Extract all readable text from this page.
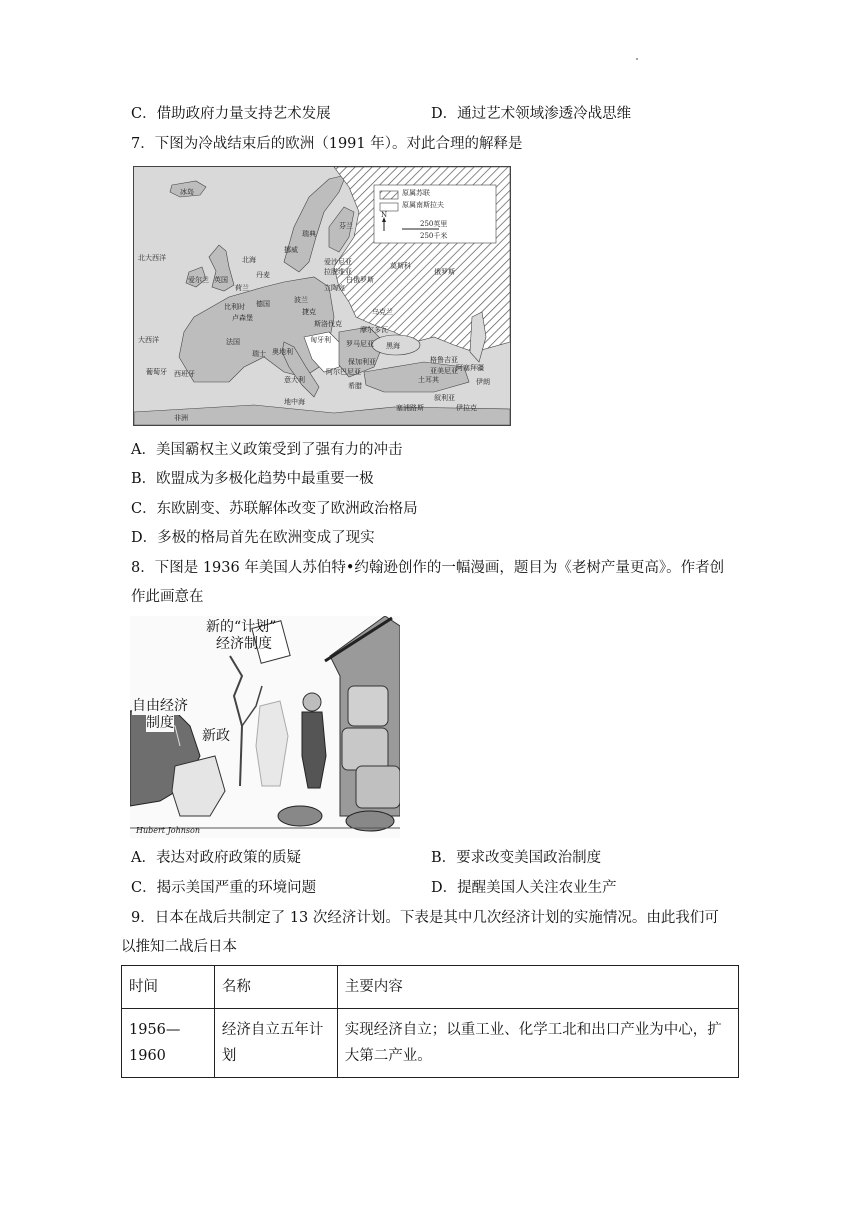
C．借助政府力量支持艺术发展	D．通过艺术领域渗透冷战思维
7．下图为冷战结束后的欧洲（1991 年）。对此合理的解释是
原属苏联
原属南斯拉夫
N
250英里
250千米
冰岛
芬兰
瑞典
挪威
丹麦
英国
爱尔兰
荷兰
比利时 德国	波兰
法国
西班牙
葡萄牙
意大利
奥地利
瑞士
匈牙利 罗马尼亚
保加利亚
希腊
土耳其
乌克兰
白俄罗斯
俄罗斯
立陶宛
拉脱维亚
爱沙尼亚
摩尔多瓦
格鲁吉亚
亚美尼亚
阿塞拜疆
伊朗
叙利亚
伊拉克
捷克
斯洛伐克
阿尔巴尼亚
北大西洋
大西洋
北海
地中海
非洲
黑海
莫斯科
塞浦路斯
卢森堡
A．美国霸权主义政策受到了强有力的冲击
B．欧盟成为多极化趋势中最重要一极
C．东欧剧变、苏联解体改变了欧洲政治格局
D．多极的格局首先在欧洲变成了现实
8．下图是 1936 年美国人苏伯特•约翰逊创作的一幅漫画，题目为《老树产量更高》。作者创
作此画意在
新的“计划”
经济制度
自由经济
制度
新政
Hubert Johnson
A．表达对政府政策的质疑	B．要求改变美国政治制度
C．揭示美国严重的环境问题	D．提醒美国人关注农业生产
9．日本在战后共制定了 13 次经济计划。下表是其中几次经济计划的实施情况。由此我们可
以推知二战后日本
时间	名称	主要内容
1956—1960	经济自立五年计划	实现经济自立；以重工业、化学工北和出口产业为中心，扩大第二产业。
